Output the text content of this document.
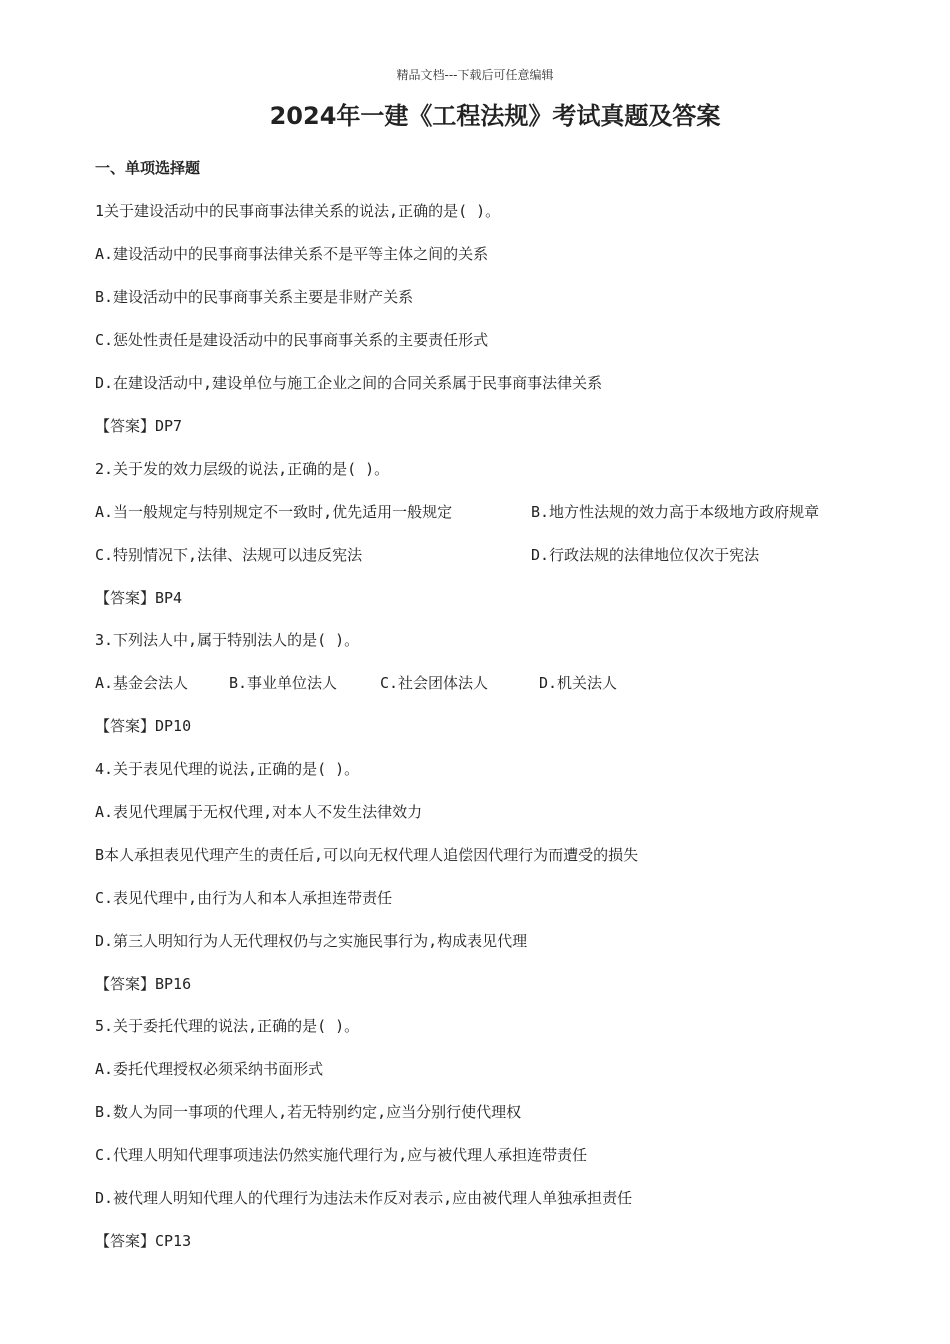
精品文档---下载后可任意编辑
2024年一建《工程法规》考试真题及答案
一、单项选择题
1关于建设活动中的民事商事法律关系的说法,正确的是( )。
A.建设活动中的民事商事法律关系不是平等主体之间的关系
B.建设活动中的民事商事关系主要是非财产关系
C.惩处性责任是建设活动中的民事商事关系的主要责任形式
D.在建设活动中,建设单位与施工企业之间的合同关系属于民事商事法律关系
【答案】DP7
2.关于发的效力层级的说法,正确的是( )。
A.当一般规定与特别规定不一致时,优先适用一般规定	B.地方性法规的效力高于本级地方政府规章
C.特别情况下,法律、法规可以违反宪法	D.行政法规的法律地位仅次于宪法
【答案】BP4
3.下列法人中,属于特别法人的是( )。
A.基金会法人	B.事业单位法人	C.社会团体法人	D.机关法人
【答案】DP10
4.关于表见代理的说法,正确的是( )。
A.表见代理属于无权代理,对本人不发生法律效力
B本人承担表见代理产生的责任后,可以向无权代理人追偿因代理行为而遭受的损失
C.表见代理中,由行为人和本人承担连带责任
D.第三人明知行为人无代理权仍与之实施民事行为,构成表见代理
【答案】BP16
5.关于委托代理的说法,正确的是( )。
A.委托代理授权必须采纳书面形式
B.数人为同一事项的代理人,若无特别约定,应当分别行使代理权
C.代理人明知代理事项违法仍然实施代理行为,应与被代理人承担连带责任
D.被代理人明知代理人的代理行为违法未作反对表示,应由被代理人单独承担责任
【答案】CP13
